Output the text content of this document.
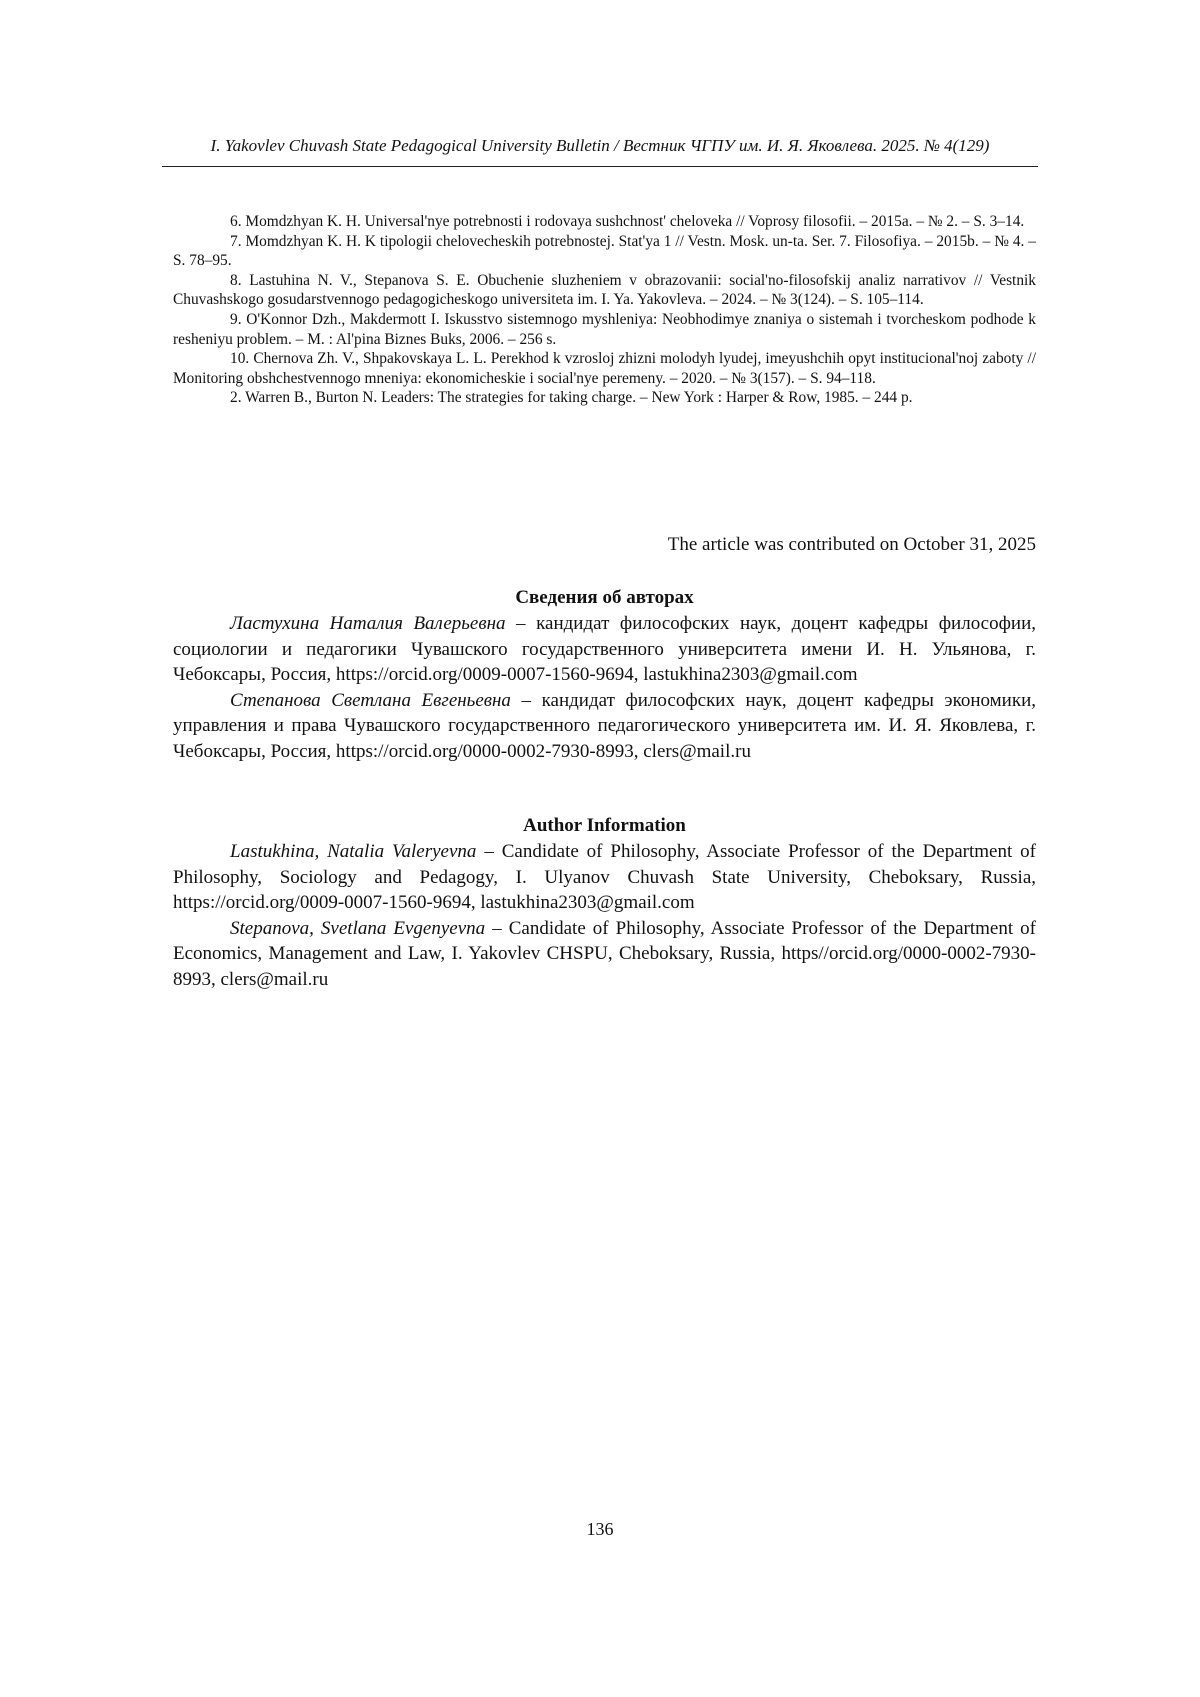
I. Yakovlev Chuvash State Pedagogical University Bulletin / Вестник ЧГПУ им. И. Я. Яковлева. 2025. № 4(129)

6. Momdzhyan K. H. Universal'nye potrebnosti i rodovaya sushchnost' cheloveka // Voprosy filosofii. – 2015a. – № 2. – S. 3–14.

7. Momdzhyan K. H. K tipologii chelovecheskih potrebnostej. Stat'ya 1 // Vestn. Mosk. un-ta. Ser. 7. Filosofiya. – 2015b. – № 4. – S. 78–95.

8. Lastuhina N. V., Stepanova S. E. Obuchenie sluzheniem v obrazovanii: social'no-filosofskij analiz narrativov // Vestnik Chuvashskogo gosudarstvennogo pedagogicheskogo universiteta im. I. Ya. Yakovleva. – 2024. – № 3(124). – S. 105–114.

9. O'Konnor Dzh., Makdermott I. Iskusstvo sistemnogo myshleniya: Neobhodimye znaniya o sistemah i tvorcheskom podhode k resheniyu problem. – M. : Al'pina Biznes Buks, 2006. – 256 s.

10. Chernova Zh. V., Shpakovskaya L. L. Perekhod k vzrosloj zhizni molodyh lyudej, imeyushchih opyt institucional'noj zaboty // Monitoring obshchestvennogo mneniya: ekonomicheskie i social'nye peremeny. – 2020. – № 3(157). – S. 94–118.

2. Warren B., Burton N. Leaders: The strategies for taking charge. – New York : Harper & Row, 1985. – 244 p.

The article was contributed on October 31, 2025
Сведения об авторах

Ластухина Наталия Валерьевна – кандидат философских наук, доцент кафедры философии, социологии и педагогики Чувашского государственного университета имени И. Н. Ульянова, г. Чебоксары, Россия, https://orcid.org/0009-0007-1560-9694, lastukhina2303@gmail.com

Степанова Светлана Евгеньевна – кандидат философских наук, доцент кафедры экономики, управления и права Чувашского государственного педагогического университета им. И. Я. Яковлева, г. Чебоксары, Россия, https://orcid.org/0000-0002-7930-8993, clers@mail.ru

Author Information

Lastukhina, Natalia Valeryevna – Candidate of Philosophy, Associate Professor of the Department of Philosophy, Sociology and Pedagogy, I. Ulyanov Chuvash State University, Cheboksary, Russia, https://orcid.org/0009-0007-1560-9694, lastukhina2303@gmail.com

Stepanova, Svetlana Evgenyevna – Candidate of Philosophy, Associate Professor of the Department of Economics, Management and Law, I. Yakovlev CHSPU, Cheboksary, Russia, https//orcid.org/0000-0002-7930-8993, clers@mail.ru

136
